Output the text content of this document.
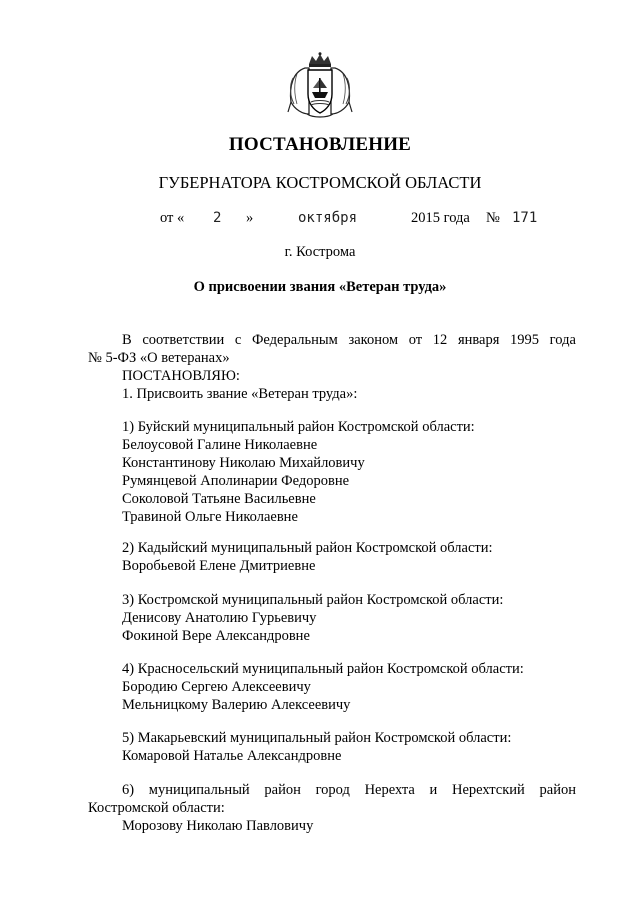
ПОСТАНОВЛЕНИЕ
ГУБЕРНАТОРА КОСТРОМСКОЙ ОБЛАСТИ
от « 2 »	октября	2015 года № 171
г. Кострома
О присвоении звания «Ветеран труда»
В соответствии с Федеральным законом от 12 января 1995 года
№ 5-ФЗ «О ветеранах»
ПОСТАНОВЛЯЮ:
1. Присвоить звание «Ветеран труда»:
1) Буйский муниципальный район Костромской области:
Белоусовой Галине Николаевне
Константинову Николаю Михайловичу
Румянцевой Аполинарии Федоровне
Соколовой Татьяне Васильевне
Травиной Ольге Николаевне
2) Кадыйский муниципальный район Костромской области:
Воробьевой Елене Дмитриевне
3) Костромской муниципальный район Костромской области:
Денисову Анатолию Гурьевичу
Фокиной Вере Александровне
4) Красносельский муниципальный район Костромской области:
Бородию Сергею Алексеевичу
Мельницкому Валерию Алексеевичу
5) Макарьевский муниципальный район Костромской области:
Комаровой Наталье Александровне
6) муниципальный район город Нерехта и Нерехтский район
Костромской области:
Морозову Николаю Павловичу
